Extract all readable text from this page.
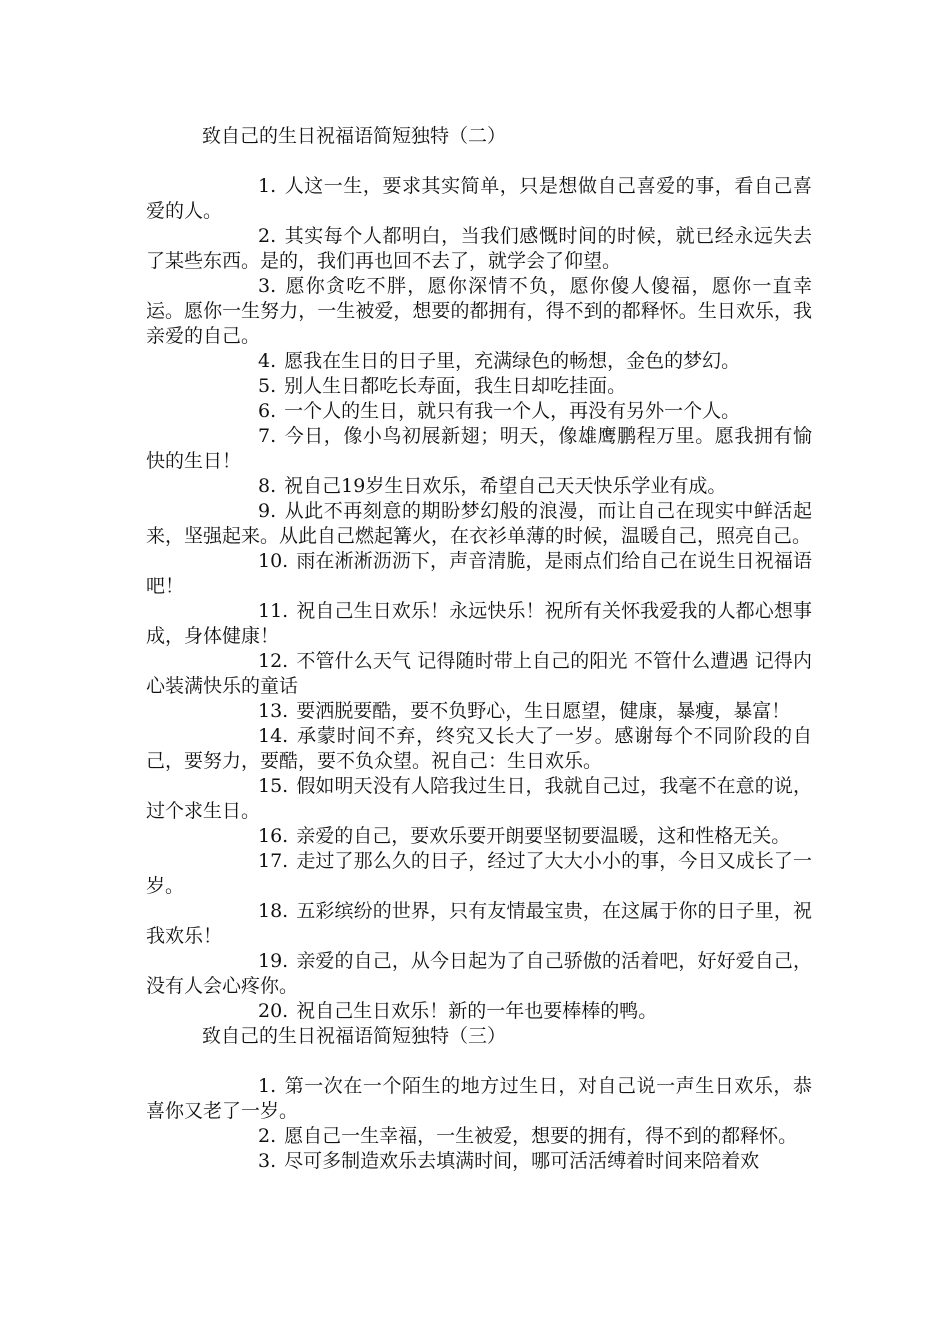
致自己的生日祝福语简短独特（二）

1. 人这一生，要求其实简单，只是想做自己喜爱的事，看自己喜爱的人。

2. 其实每个人都明白，当我们感慨时间的时候，就已经永远失去了某些东西。是的，我们再也回不去了，就学会了仰望。

3. 愿你贪吃不胖，愿你深情不负，愿你傻人傻福，愿你一直幸运。愿你一生努力，一生被爱，想要的都拥有，得不到的都释怀。生日欢乐，我亲爱的自己。

4. 愿我在生日的日子里，充满绿色的畅想，金色的梦幻。

5. 别人生日都吃长寿面，我生日却吃挂面。

6. 一个人的生日，就只有我一个人，再没有另外一个人。

7. 今日，像小鸟初展新翅；明天，像雄鹰鹏程万里。愿我拥有愉快的生日！

8. 祝自己19岁生日欢乐，希望自己天天快乐学业有成。

9. 从此不再刻意的期盼梦幻般的浪漫，而让自己在现实中鲜活起来，坚强起来。从此自己燃起篝火，在衣衫单薄的时候，温暖自己，照亮自己。

10. 雨在淅淅沥沥下，声音清脆，是雨点们给自己在说生日祝福语吧！

11. 祝自己生日欢乐！永远快乐！祝所有关怀我爱我的人都心想事成，身体健康！

12. 不管什么天气 记得随时带上自己的阳光 不管什么遭遇 记得内心装满快乐的童话

13. 要洒脱要酷，要不负野心，生日愿望，健康，暴瘦，暴富！

14. 承蒙时间不弃，终究又长大了一岁。感谢每个不同阶段的自己，要努力，要酷，要不负众望。祝自己：生日欢乐。

15. 假如明天没有人陪我过生日，我就自己过，我毫不在意的说，过个求生日。

16. 亲爱的自己，要欢乐要开朗要坚韧要温暖，这和性格无关。

17. 走过了那么久的日子，经过了大大小小的事，今日又成长了一岁。

18. 五彩缤纷的世界，只有友情最宝贵，在这属于你的日子里，祝我欢乐！

19. 亲爱的自己，从今日起为了自己骄傲的活着吧，好好爱自己，没有人会心疼你。

20. 祝自己生日欢乐！新的一年也要棒棒的鸭。

致自己的生日祝福语简短独特（三）

1. 第一次在一个陌生的地方过生日，对自己说一声生日欢乐，恭喜你又老了一岁。

2. 愿自己一生幸福，一生被爱，想要的拥有，得不到的都释怀。

3. 尽可多制造欢乐去填满时间，哪可活活缚着时间来陪着欢
